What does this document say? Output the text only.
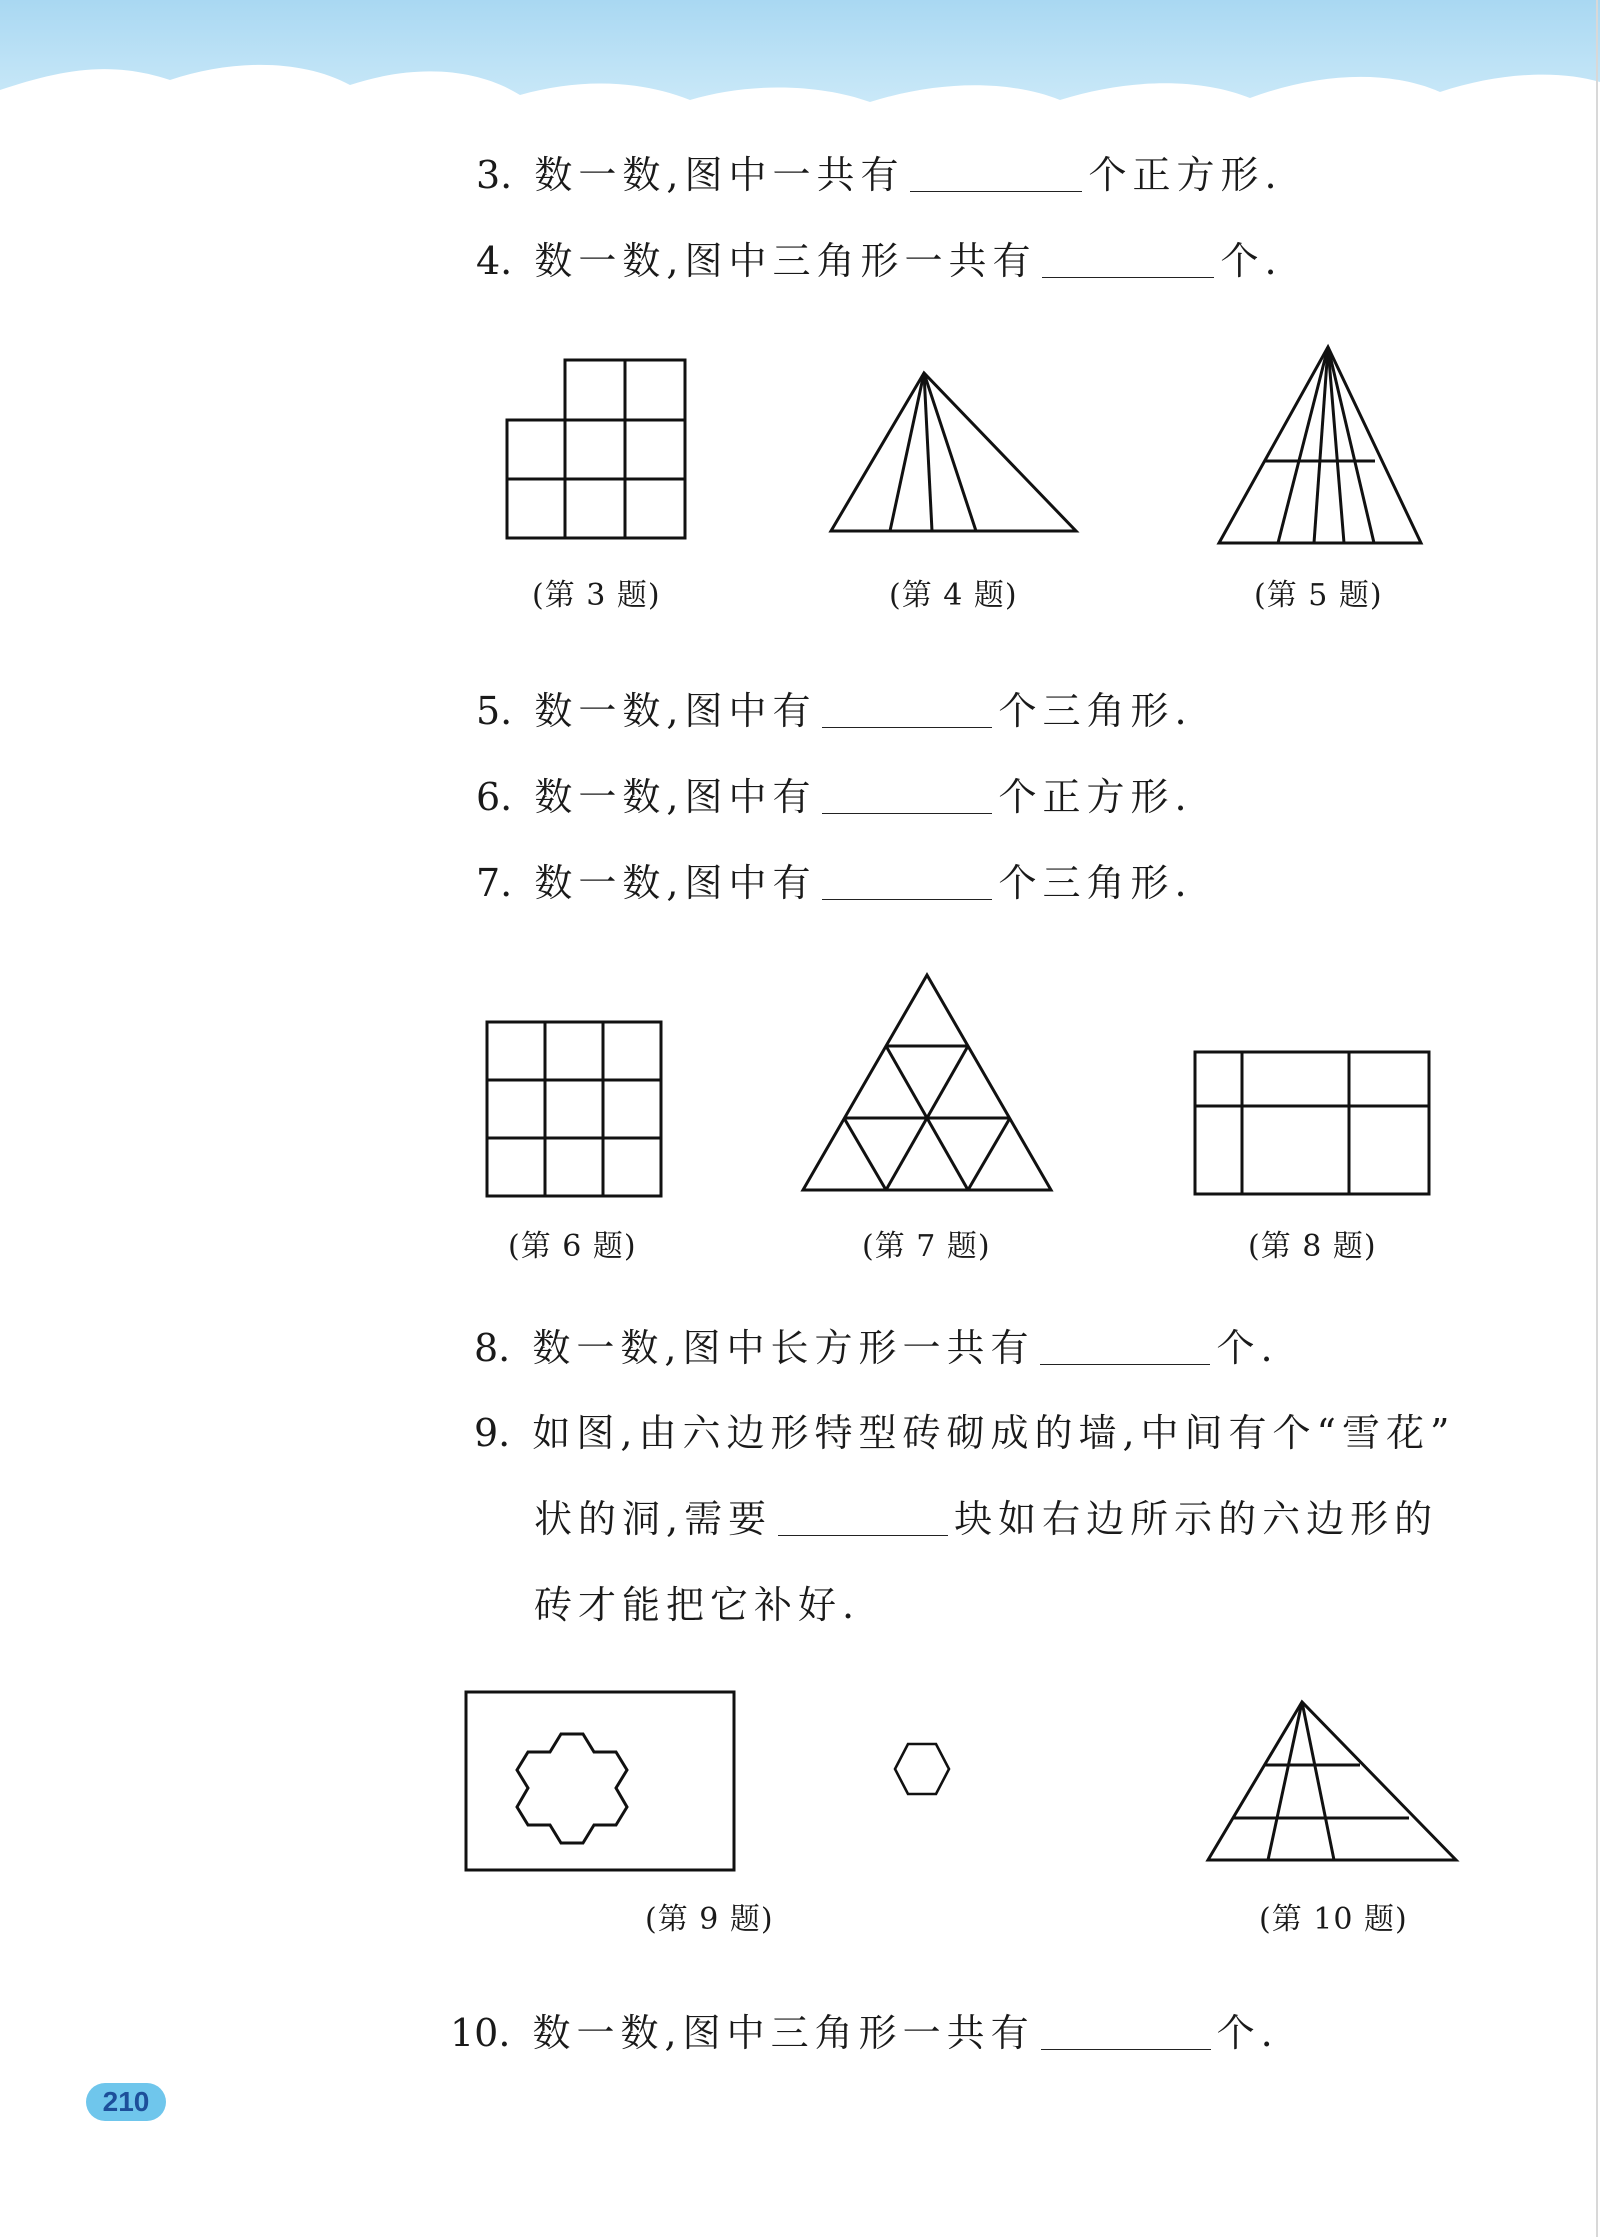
3. 数一数,图中一共有	个正方形.
4. 数一数,图中三角形一共有	个.
(第 3 题)	(第 4 题)	(第 5 题)
5. 数一数,图中有	个三角形.
6. 数一数,图中有	个正方形.
7. 数一数,图中有	个三角形.
(第 6 题)	(第 7 题)	(第 8 题)
8. 数一数,图中长方形一共有	个.
9. 如图,由六边形特型砖砌成的墙,中间有个“雪花”
状的洞,需要	块如右边所示的六边形的
砖才能把它补好.
(第 9 题)	(第 10 题)
10. 数一数,图中三角形一共有	个.
210
